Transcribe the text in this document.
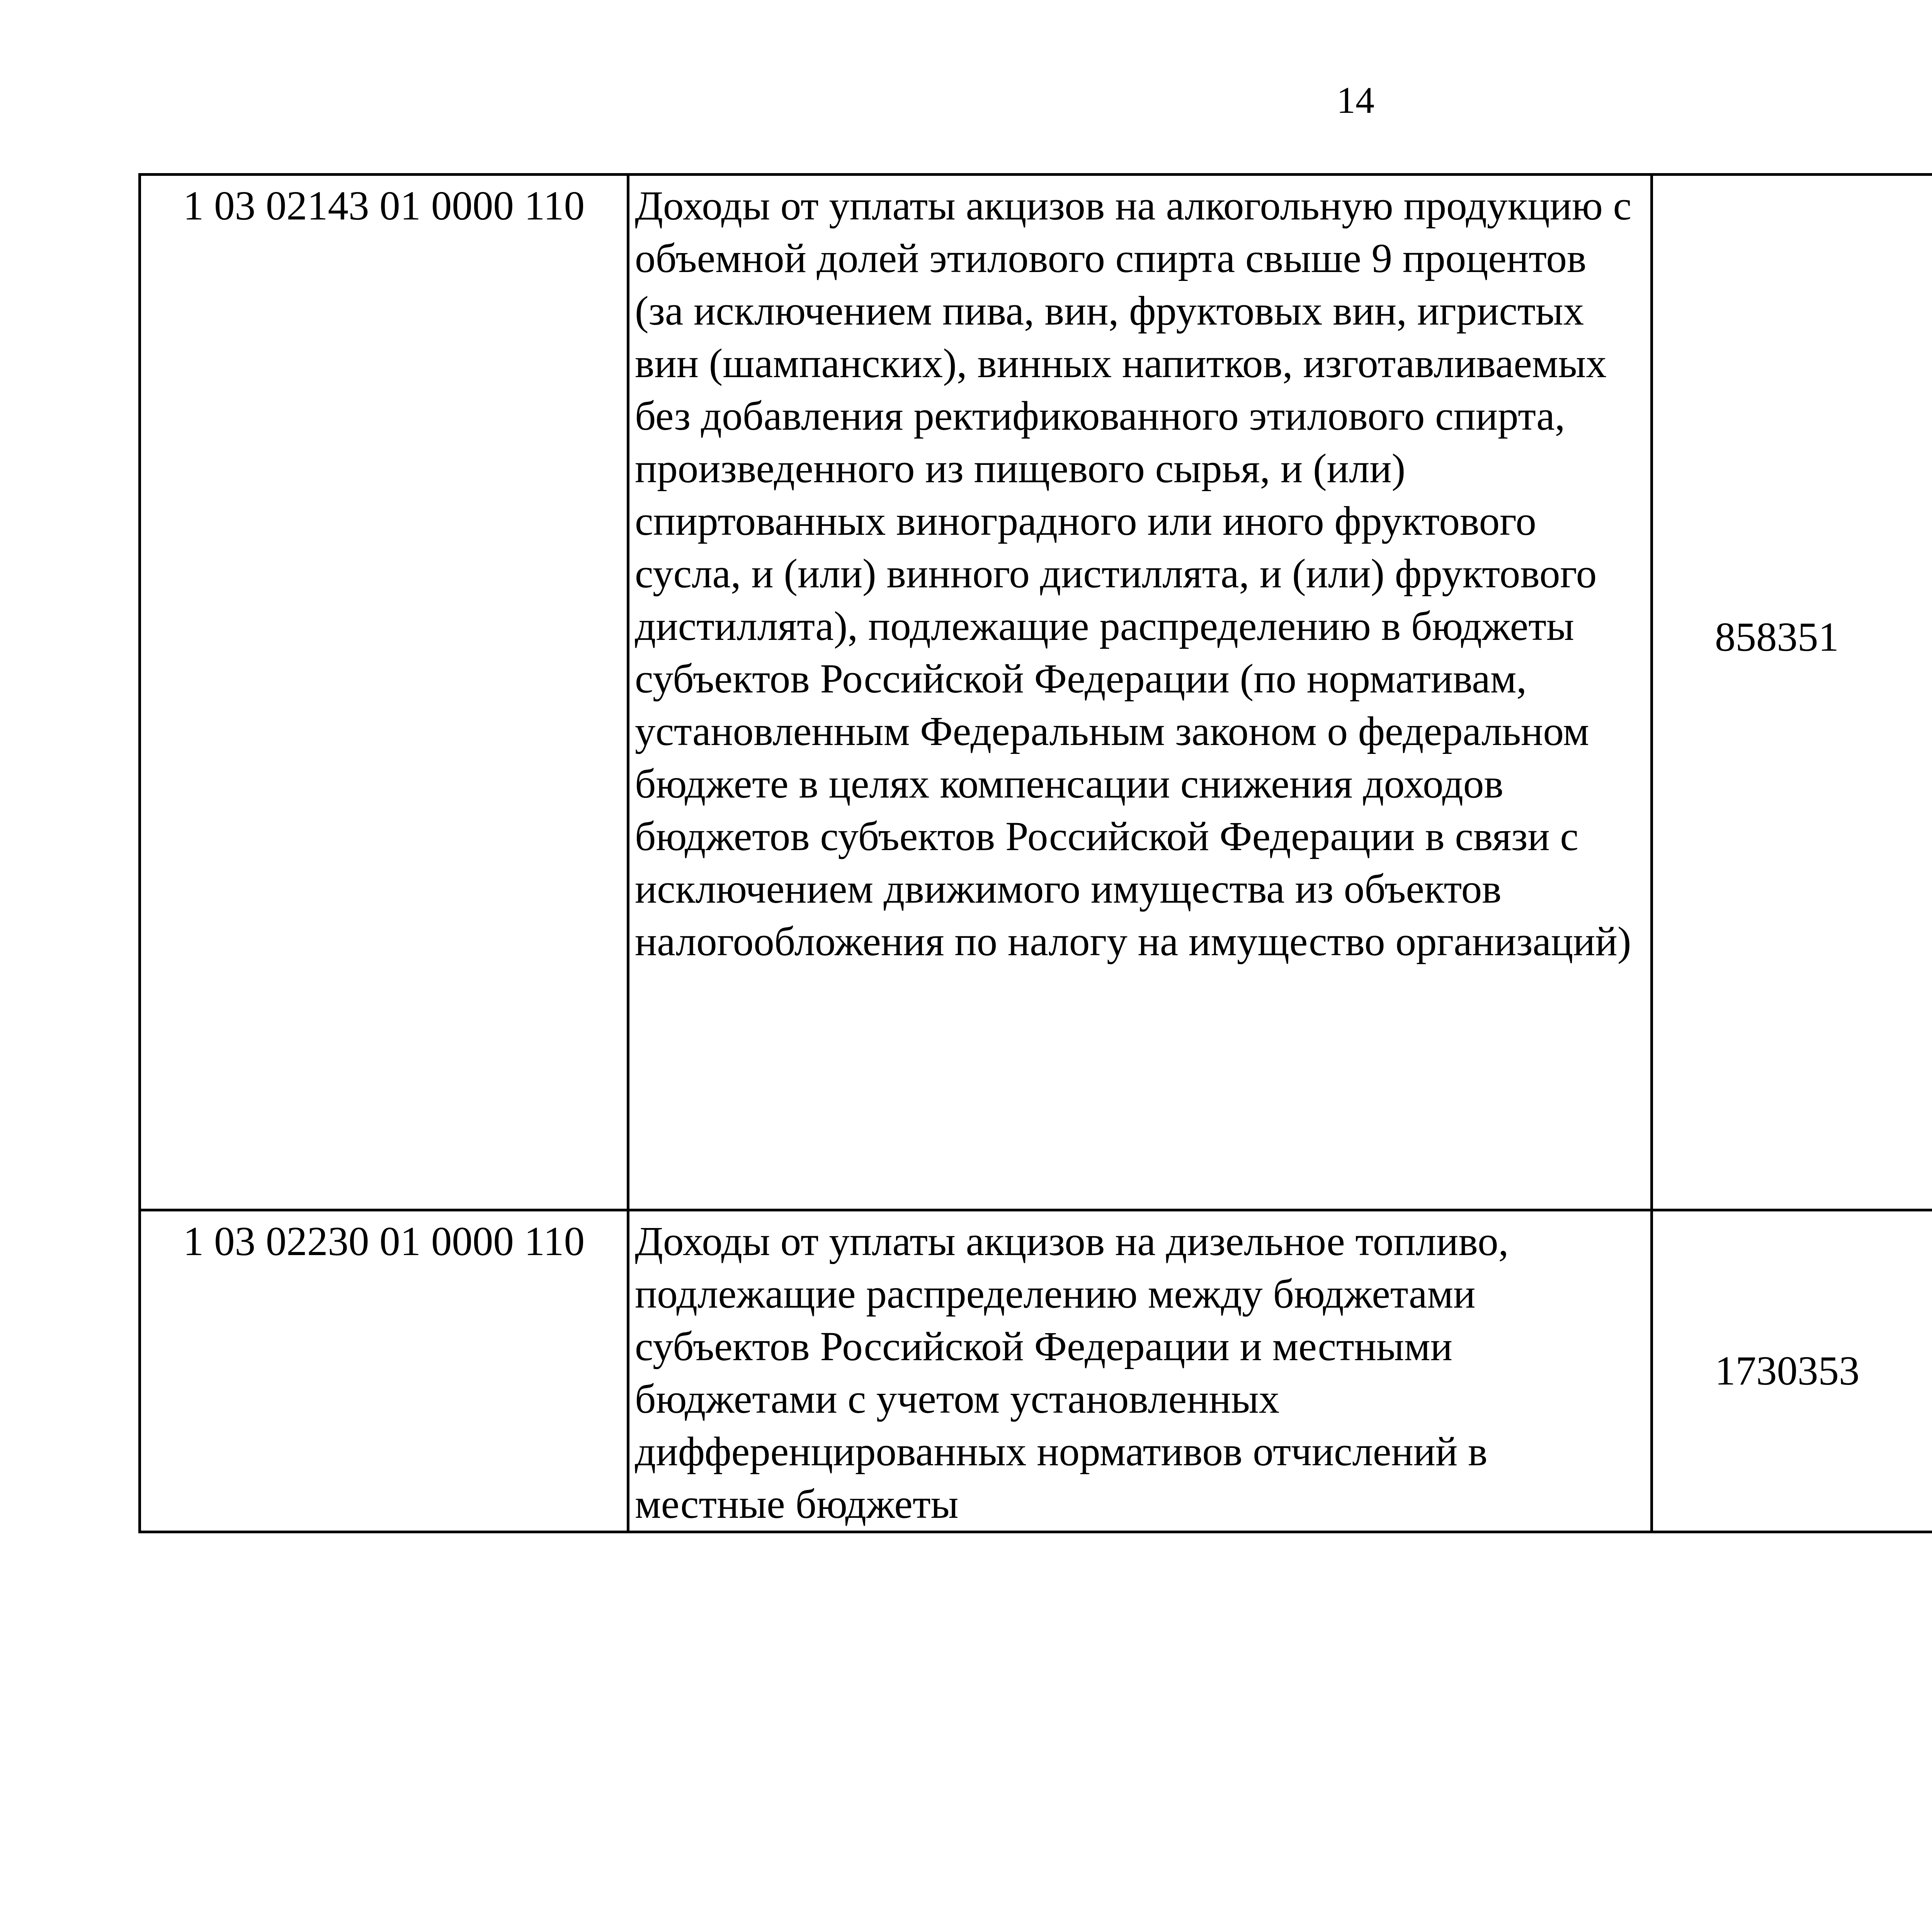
14
1 03 02143 01 0000 110	Доходы от уплаты акцизов на алкогольную продукцию с объемной долей этилового спирта свыше 9 процентов (за исключением пива, вин, фруктовых вин, игристых вин (шампанских), винных напитков, изготавливаемых без добавления ректификованного этилового спирта, произведенного из пищевого сырья, и (или) спиртованных виноградного или иного фруктового сусла, и (или) винного дистиллята, и (или) фруктового дистиллята), подлежащие распределению в бюджеты субъектов Российской Федерации (по нормативам, установленным Федеральным законом о федеральном бюджете в целях компенсации снижения доходов бюджетов субъектов Российской Федерации в связи с исключением движимого имущества из объектов налогообложения по налогу на имущество организаций)	858351		
1 03 02230 01 0000 110	Доходы от уплаты акцизов на дизельное топливо, подлежащие распределению между бюджетами субъектов Российской Федерации и местными бюджетами с учетом установленных дифференцированных нормативов отчислений в местные бюджеты	1730353		
